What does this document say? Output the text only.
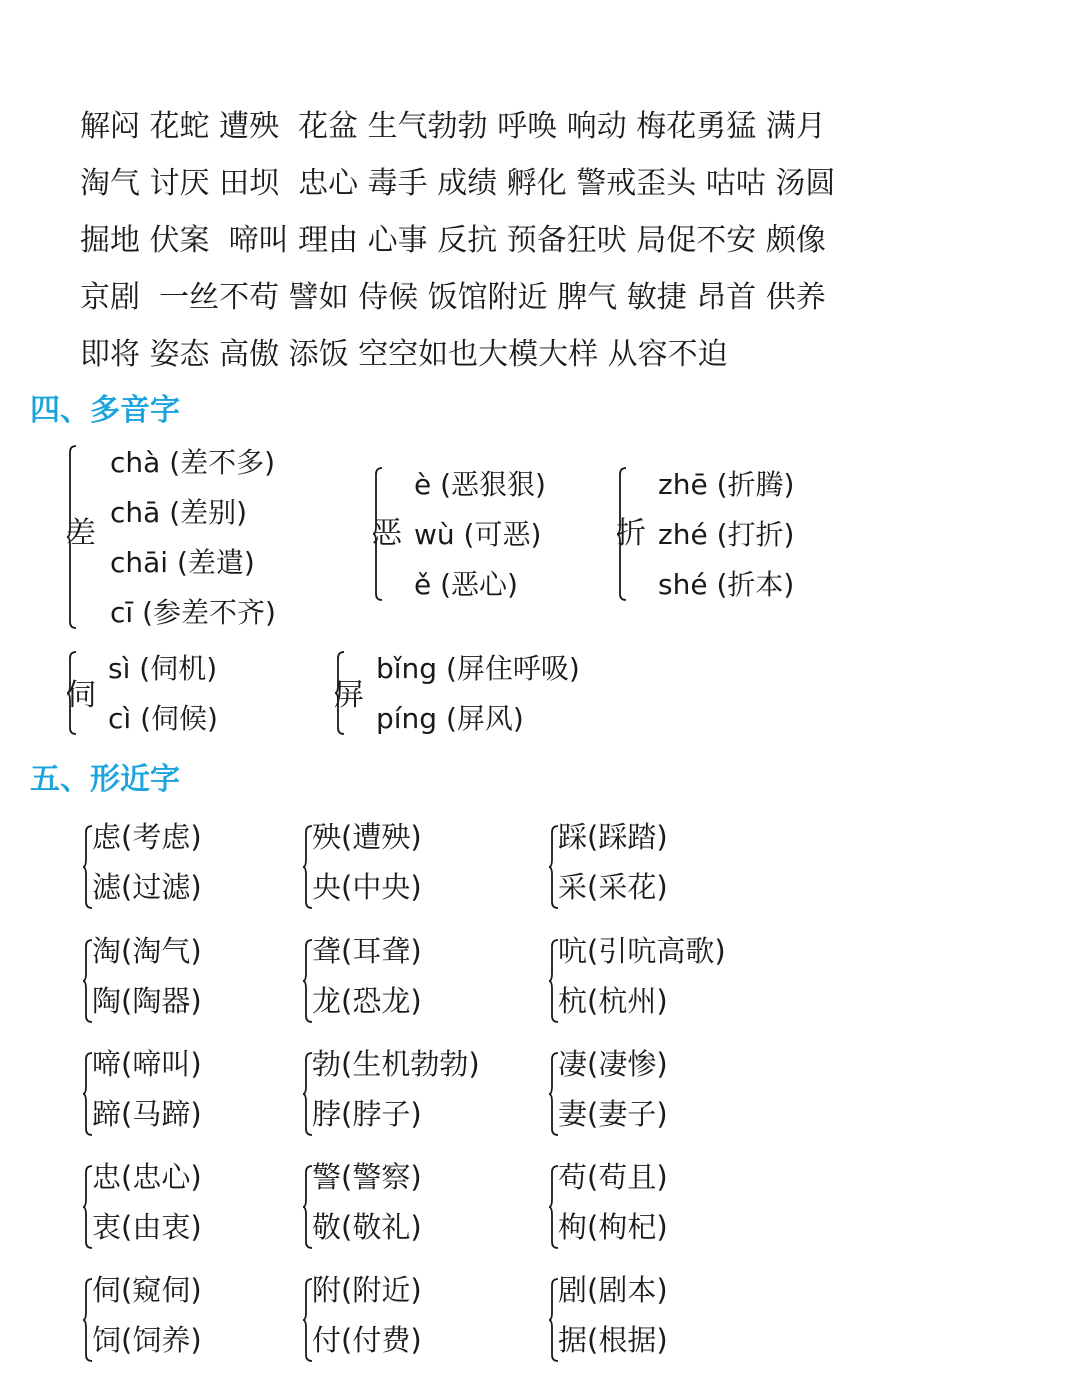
解闷 花蛇 遭殃  花盆 生气勃勃 呼唤 响动 梅花勇猛 满月
淘气 讨厌 田坝  忠心 毒手 成绩 孵化 警戒歪头 咕咕 汤圆
掘地 伏案  啼叫 理由 心事 反抗 预备狂吠 局促不安 颇像
京剧  一丝不苟 譬如 侍候 饭馆附近 脾气 敏捷 昂首 供养
即将 姿态 高傲 添饭 空空如也大模大样 从容不迫
四、多音字
差
chà (差不多)
chā (差别)
chāi (差遣)
cī (参差不齐)
恶
è (恶狠狠)
wù (可恶)
ě (恶心)
折
zhē (折腾)
zhé (打折)
shé (折本)
伺
sì (伺机)
cì (伺候)
屏
bǐng (屏住呼吸)
píng (屏风)
五、形近字
虑(考虑)
滤(过滤)
殃(遭殃)
央(中央)
踩(踩踏)
采(采花)
淘(淘气)
陶(陶器)
聋(耳聋)
龙(恐龙)
吭(引吭高歌)
杭(杭州)
啼(啼叫)
蹄(马蹄)
勃(生机勃勃)
脖(脖子)
凄(凄惨)
妻(妻子)
忠(忠心)
衷(由衷)
警(警察)
敬(敬礼)
苟(苟且)
枸(枸杞)
伺(窥伺)
饲(饲养)
附(附近)
付(付费)
剧(剧本)
据(根据)
